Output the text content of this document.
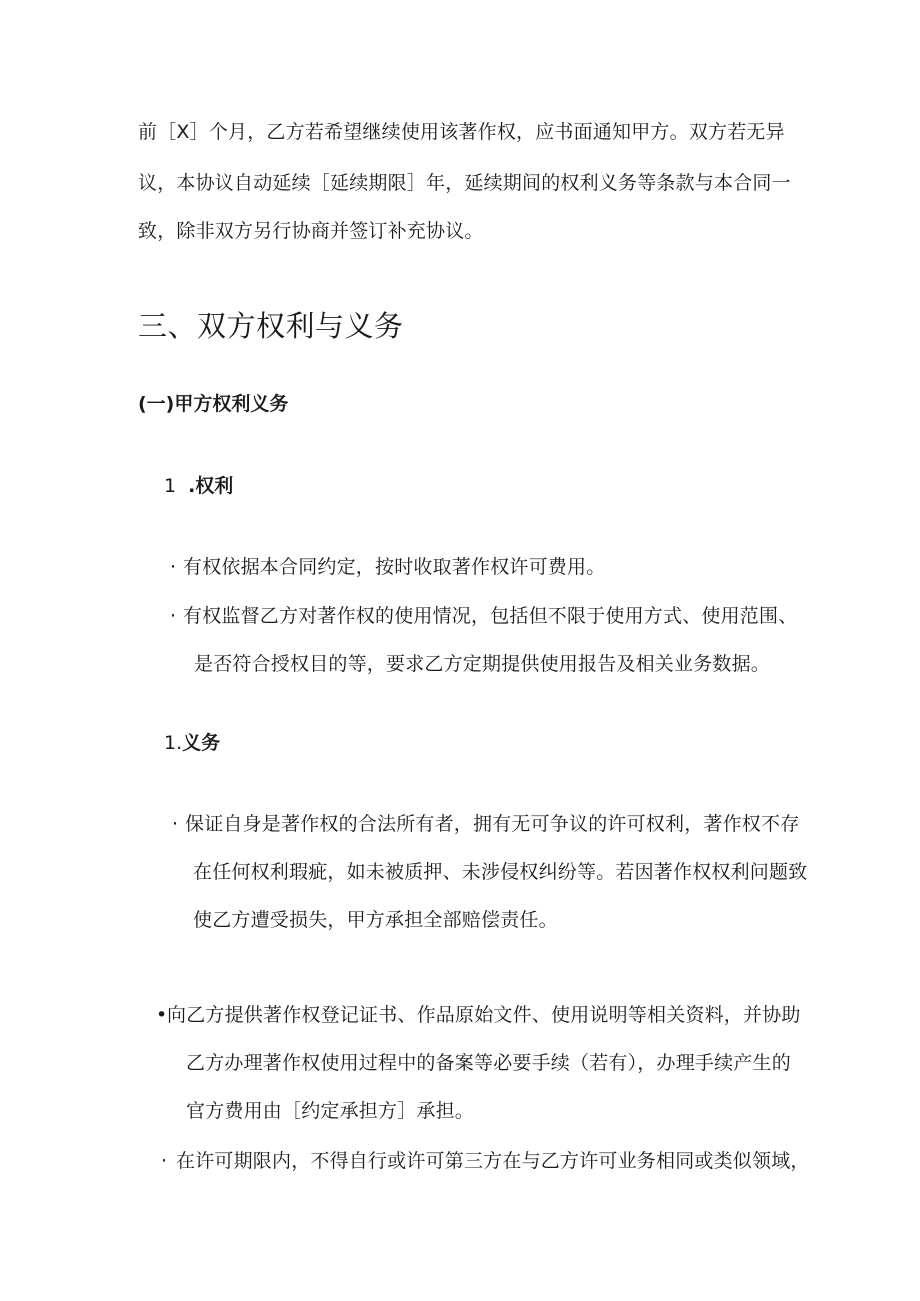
前［X］个月，乙方若希望继续使用该著作权，应书面通知甲方。双方若无异
议，本协议自动延续［延续期限］年，延续期间的权利义务等条款与本合同一
致，除非双方另行协商并签订补充协议。
三、双方权利与义务
(一)甲方权利义务
1 .权利
· 有权依据本合同约定，按时收取著作权许可费用。
· 有权监督乙方对著作权的使用情况，包括但不限于使用方式、使用范围、
是否符合授权目的等，要求乙方定期提供使用报告及相关业务数据。
1.义务
· 保证自身是著作权的合法所有者，拥有无可争议的许可权利，著作权不存
在任何权利瑕疵，如未被质押、未涉侵权纠纷等。若因著作权权利问题致
使乙方遭受损失，甲方承担全部赔偿责任。
• 向乙方提供著作权登记证书、作品原始文件、使用说明等相关资料，并协助
乙方办理著作权使用过程中的备案等必要手续（若有），办理手续产生的
官方费用由［约定承担方］承担。
· 在许可期限内，不得自行或许可第三方在与乙方许可业务相同或类似领域，
